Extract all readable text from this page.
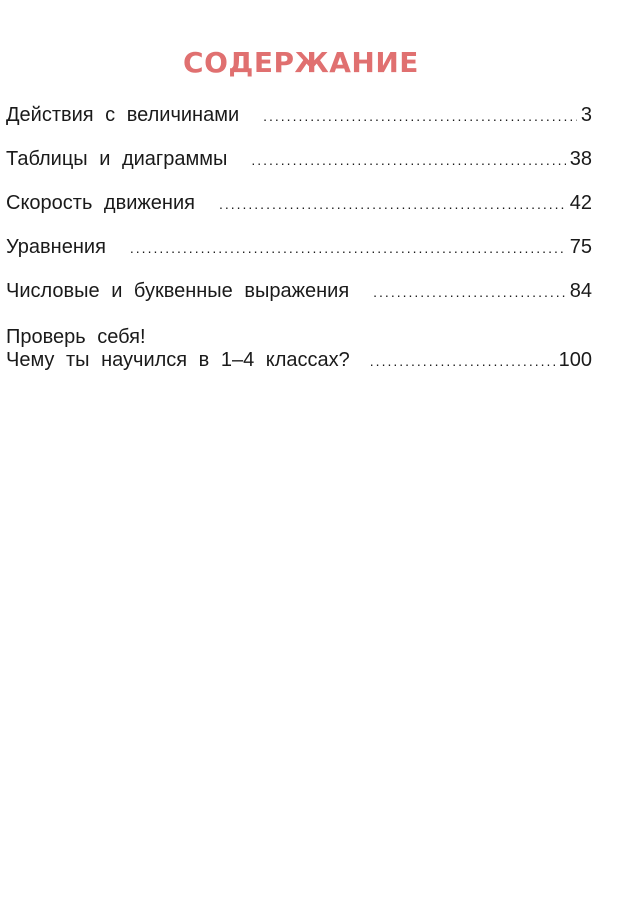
СОДЕРЖАНИЕ
Действия с величинами .....	3
Таблицы и диаграммы .....	38
Скорость движения .....	42
Уравнения .....	75
Числовые и буквенные выражения .....	84
Проверь себя!
Чему ты научился в 1–4 классах? .....	100
